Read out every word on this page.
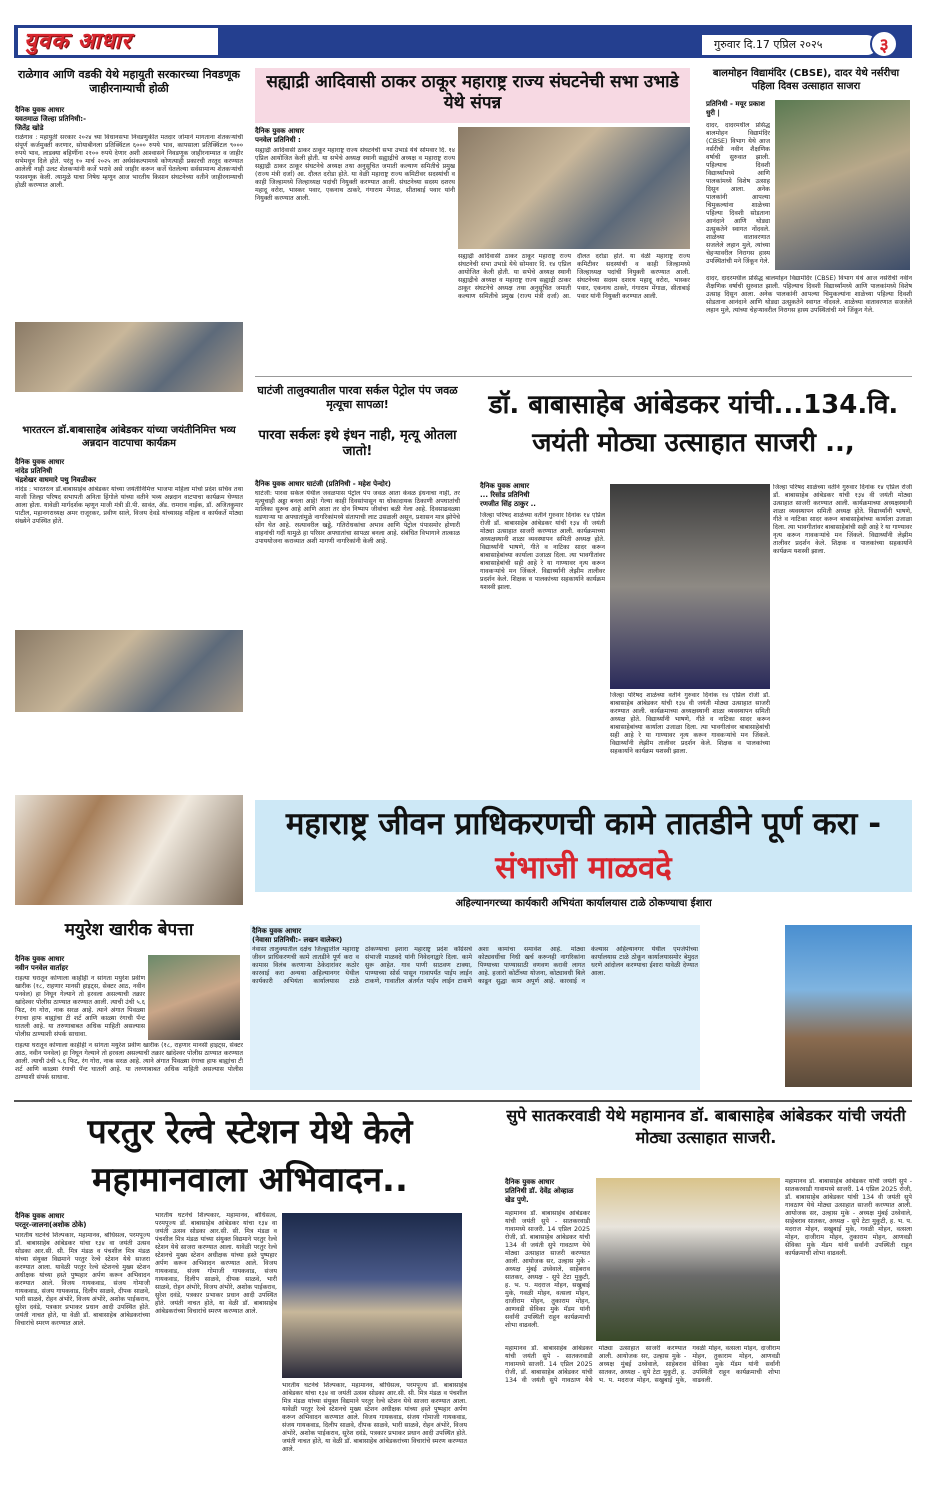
युवक आधार	गुरुवार दि.17 एप्रिल २०२५	३
राळेगाव आणि वडकी येथे महायुती सरकारच्या निवडणूक जाहीरनाम्याची होळी
दैनिक युवक आधार
यवतमाळ जिल्हा प्रतिनिधी:-
जितेंद्र खोडे
राळेगाव : महायुती सरकार २०२४ च्या विधानसभा निवडणुकीत मतदार जोमाने मागताना शेतकऱ्यांची संपूर्ण कर्जमुक्ती करणार, सोयाबीनला प्रतिक्विंटल ६००० रुपये भाव, कापसाला प्रतिक्विंटल ९००० रुपये भाव, लाडक्या बहिणींना २१०० रुपये देणार अशी आश्वासने निवडणूक जाहीरनाम्यात व जाहीर सभेमधून दिले होते. परंतु १० मार्च २०२५ ला अर्थसंकल्पामध्ये कोणत्याही प्रकारची तरतूद करण्यात आलेली नाही उलट शेतकऱ्यांनी कर्जे भरावे असे जाहीर करून कर्जे घेतलेल्या सर्वसामान्य शेतकऱ्यांची फसवणूक केली. त्यामुळे याचा निषेध म्हणून आज भारतीय किसान संघटनेच्या वतीने जाहीरनाम्याची होळी करण्यात आली.
सह्याद्री आदिवासी ठाकर ठाकूर महाराष्ट्र राज्य संघटनेची सभा उभाडे येथे संपन्न
दैनिक युवक आधार
पनवेल प्रतिनिधी :
सह्याद्री आदिवासी ठाकर ठाकूर महाराष्ट्र राज्य संघटनेची सभा उभाडे येथे सोमवार दि. १४ एप्रिल आयोजित केली होती. या सभेचे अध्यक्ष स्थानी सह्याद्रीचे अध्यक्ष व महाराष्ट्र राज्य सह्याद्री ठाकर ठाकूर संघटनेचे अध्यक्ष तथा अनुसूचित जमाती कल्याण समितीचे प्रमुख (राज्य मंत्री दर्जा) आ. दौलत दरोडा होते. या वेळी महाराष्ट्र राज्य कमिटीवर सदस्यांची व काही जिल्हामध्ये जिल्हाध्यक्ष पदांची नियुक्ती करण्यात आली. संघटनेच्या सदस्य दशरथ महादू वरोरा, भास्कर पवार, एकनाथ ठाकरे, गंगाराम मेंगाळ, सीताबाई पवार यांनी नियुक्ती करण्यात आली.
सह्याद्री आदिवासी ठाकर ठाकूर महाराष्ट्र राज्य संघटनेची सभा उभाडे येथे सोमवार दि. १४ एप्रिल आयोजित केली होती. या सभेचे अध्यक्ष स्थानी सह्याद्रीचे अध्यक्ष व महाराष्ट्र राज्य सह्याद्री ठाकर ठाकूर संघटनेचे अध्यक्ष तथा अनुसूचित जमाती कल्याण समितीचे प्रमुख (राज्य मंत्री दर्जा) आ. दौलत दरोडा होते. या वेळी महाराष्ट्र राज्य कमिटीवर सदस्यांची व काही जिल्हामध्ये जिल्हाध्यक्ष पदांची नियुक्ती करण्यात आली. संघटनेच्या सदस्य दशरथ महादू वरोरा, भास्कर पवार, एकनाथ ठाकरे, गंगाराम मेंगाळ, सीताबाई पवार यांनी नियुक्ती करण्यात आली.
बालमोहन विद्यामंदिर (CBSE), दादर येथे नर्सरीचा पहिला दिवस उत्साहात साजरा
प्रतिनिधी - मयूर प्रकाश धुरी |
दादर, दादरमधील प्रसिद्ध बालमोहन विद्यामंदिर (CBSE) विभाग येथे आज नर्सरीची नवीन शैक्षणिक वर्षाची सुरुवात झाली. पहिल्याच दिवशी विद्यार्थ्यांमध्ये आणि पालकांमध्ये विशेष उत्साह दिसून आला. अनेक पालकांनी आपल्या चिमुकल्यांना शाळेच्या पहिल्या दिवशी सोडताना आनंदाने आणि थोड्या उत्सुकतेने स्वागत नोंदवले. शाळेच्या वातावरणात सजलेले लहान मुले, त्यांच्या चेहऱ्यावरील निरागस हास्य उपस्थितांची मने जिंकून गेले.
दादर, दादरमधील प्रसिद्ध बालमोहन विद्यामंदिर (CBSE) विभाग येथे आज नर्सरीची नवीन शैक्षणिक वर्षाची सुरुवात झाली. पहिल्याच दिवशी विद्यार्थ्यांमध्ये आणि पालकांमध्ये विशेष उत्साह दिसून आला. अनेक पालकांनी आपल्या चिमुकल्यांना शाळेच्या पहिल्या दिवशी सोडताना आनंदाने आणि थोड्या उत्सुकतेने स्वागत नोंदवले. शाळेच्या वातावरणात सजलेले लहान मुले, त्यांच्या चेहऱ्यावरील निरागस हास्य उपस्थितांची मने जिंकून गेले.
भारतरत्न डॉ.बाबासाहेब आंबेडकर यांच्या जयंतीनिमित्त भव्य अन्नदान वाटपाचा कार्यक्रम
दैनिक युवक आधार
नांदेड प्रतिनिधी
चंद्रशेखर वाघमारे पथु निवळीकर
नांदेड : भारतरत्न डॉ.बाबासाहेब आंबेडकर यांच्या जयंतीनिमित्त भाजपा महिला मोर्चा प्रदेश सचिव तथा माजी जिल्हा परिषद सभापती अनिता हिंगोले यांच्या वतीने भव्य अन्नदान वाटपाचा कार्यक्रम घेण्यात आला होता. यावेळी मार्गदर्शक म्हणून माजी मंत्री डी.पी. सावंत, ॲड. रामराव नाईक, डॉ. अजितकुमार पाटील, महानगराध्यक्ष अमर राजूरकर, प्रवीण साले, विजय देवडे यांच्यासह महिला व कार्यकर्ते मोठ्या संख्येने उपस्थित होते.
घाटंजी तालुक्यातील पारवा सर्कल पेट्रोल पंप जवळ मृत्यूचा सापळा!
पारवा सर्कलः इथे इंधन नाही, मृत्यू ओतला जातो!
दैनिक युवक आधार घाटंजी (प्रतिनिधी - महेश पेन्दोर)
घाटंजी: पारवा सर्कल येथील जवळपास पेट्रोल पंप जवळ आता केवळ इंधनाचा नाही, तर मृत्यूचाही अड्डा बनला आहे! गेल्या काही दिवसांपासून या धोकादायक ठिकाणी अपघातांची मालिका सुरूच आहे आणि आता तर दोन निष्पाप जीवांचा बळी गेला आहे. दिवसाढवळ्या घडणाऱ्या या अपघातांमुळे नागरिकांमध्ये संतापाची लाट उसळली असून, प्रशासन मात्र झोपेचे सोंग घेत आहे. रस्त्यावरील खड्डे, गतिरोधकांचा अभाव आणि पेट्रोल पंपासमोर होणारी वाहनांची गर्दी यामुळे हा परिसर अपघातांचा सापळा बनला आहे. संबंधित विभागाने तात्काळ उपाययोजना कराव्यात अशी मागणी नागरिकांनी केली आहे.
डॉ. बाबासाहेब आंबेडकर यांची...134.वि. जयंती मोठ्या उत्साहात साजरी ..,
दैनिक युवक आधार
... रिसोड प्रतिनिधी
रणजीत सिंह ठाकुर ..
जिल्हा परिषद शाळेच्या वतीने गुरुवार दिनांक १४ एप्रिल रोजी डॉ. बाबासाहेब आंबेडकर यांची १३४ वी जयंती मोठ्या उत्साहात साजरी करण्यात आली. कार्यक्रमाच्या अध्यक्षस्थानी शाळा व्यवस्थापन समिती अध्यक्ष होते. विद्यार्थ्यांनी भाषणे, गीते व नाटिका सादर करून बाबासाहेबांच्या कार्याला उजाळा दिला. त्या भावगीतांवर बाबासाहेबांची सही आहे रे या गाण्यावर नृत्य करून गावकऱ्यांचे मन जिंकले. विद्यार्थ्यांनी लेझीम तालीवर प्रदर्शन केले. शिक्षक व पालकांच्या सहकार्याने कार्यक्रम यशस्वी झाला.
जिल्हा परिषद शाळेच्या वतीने गुरुवार दिनांक १४ एप्रिल रोजी डॉ. बाबासाहेब आंबेडकर यांची १३४ वी जयंती मोठ्या उत्साहात साजरी करण्यात आली. कार्यक्रमाच्या अध्यक्षस्थानी शाळा व्यवस्थापन समिती अध्यक्ष होते. विद्यार्थ्यांनी भाषणे, गीते व नाटिका सादर करून बाबासाहेबांच्या कार्याला उजाळा दिला. त्या भावगीतांवर बाबासाहेबांची सही आहे रे या गाण्यावर नृत्य करून गावकऱ्यांचे मन जिंकले. विद्यार्थ्यांनी लेझीम तालीवर प्रदर्शन केले. शिक्षक व पालकांच्या सहकार्याने कार्यक्रम यशस्वी झाला.
जिल्हा परिषद शाळेच्या वतीने गुरुवार दिनांक १४ एप्रिल रोजी डॉ. बाबासाहेब आंबेडकर यांची १३४ वी जयंती मोठ्या उत्साहात साजरी करण्यात आली. कार्यक्रमाच्या अध्यक्षस्थानी शाळा व्यवस्थापन समिती अध्यक्ष होते. विद्यार्थ्यांनी भाषणे, गीते व नाटिका सादर करून बाबासाहेबांच्या कार्याला उजाळा दिला. त्या भावगीतांवर बाबासाहेबांची सही आहे रे या गाण्यावर नृत्य करून गावकऱ्यांचे मन जिंकले. विद्यार्थ्यांनी लेझीम तालीवर प्रदर्शन केले. शिक्षक व पालकांच्या सहकार्याने कार्यक्रम यशस्वी झाला.
महाराष्ट्र जीवन प्राधिकरणची कामे तातडीने पूर्ण करा - संभाजी माळवदे
अहिल्यानगरच्या कार्यकारी अभियंता कार्यालयास टाळे ठोकण्याचा ईशारा
दैनिक युवक आधार
(नेवासा प्रतिनिधी:- लखन वालेकर)
नेवासा तालुक्यातील दक्षेच जिल्ह्यातील महाराष्ट्र जीवन प्राधिकरणची कामे तातडीने पूर्ण करा व कामास विलंब करणाऱ्या ठेकेदारांवर कठोर कारवाई करा अन्यथा अहिल्यानगर येथील कार्यकारी अभियंता कार्यालयास टाळे ठोकण्याचा इशारा महाराष्ट्र प्रदेश काँग्रेसचे संभाजी माळवदे यांनी निवेदनाद्वारे दिला. कामे सुरू आहेत. गाव पाणी साठवण टाक्या, पाण्याच्या सोर्स पासून गावापर्यंत पाईप लाईन टाकणे, गावातील अंतर्गत पाईप लाईन टाकणे अशा कामांचा समावेश आहे. मोठ्या कोट्यवधींचा निधी खर्च करूनही नागरिकांना पिण्याच्या पाण्यासाठी वणवण करावी लागत आहे. हजारो कोटींच्या योजना, कोट्यावधी बिले काढून सुद्धा काम अपूर्ण आहे. कारवाई न केल्यास अहिल्यानगर येथील एमजेपीच्या कार्यालयास टाळे ठोकून कार्यालयासमोर बेमुदत धरणे आंदोलन करण्याचा ईशारा यावेळी देण्यात आला.
मयुरेश खारीक बेपत्ता
दैनिक युवक आधार
नवीन पनवेल वार्ताहर
राहत्या घरातून कोणाला काहीही न सांगता मयुरेश प्रवीण खारीक (१८, राहणार मानसी हाइट्स, सेक्टर आठ, नवीन पनवेल) हा निघून गेल्याने तो हरवला असल्याची तक्रार खांदेश्वर पोलीस ठाण्यात करण्यात आली. त्याची उंची ५.६ फिट, रंग गोरा, नाक सरळ आहे. त्याने अंगात पिवळ्या रंगाचा हाफ बाह्यांचा टी शर्ट आणि काळ्या रंगाची पॅन्ट घातली आहे. या तरुणाबाबत अधिक माहिती असल्यास पोलीस ठाण्याशी संपर्क साधावा.
राहत्या घरातून कोणाला काहीही न सांगता मयुरेश प्रवीण खारीक (१८, राहणार मानसी हाइट्स, सेक्टर आठ, नवीन पनवेल) हा निघून गेल्याने तो हरवला असल्याची तक्रार खांदेश्वर पोलीस ठाण्यात करण्यात आली. त्याची उंची ५.६ फिट, रंग गोरा, नाक सरळ आहे. त्याने अंगात पिवळ्या रंगाचा हाफ बाह्यांचा टी शर्ट आणि काळ्या रंगाची पॅन्ट घातली आहे. या तरुणाबाबत अधिक माहिती असल्यास पोलीस ठाण्याशी संपर्क साधावा.
परतुर रेल्वे स्टेशन येथे केले महामानवाला अभिवादन..
दैनिक युवक आधार
परतूर-जालना(अशोक ठोके)
भारतीय घटनेचे शिल्पकार, महामानव, बोधिसत्व, परमपूज्य डॉ. बाबासाहेब आंबेडकर यांचा १३४ वा जयंती उत्सव सोडका आर.सी. सी. मित्र मंडळ व पंचशील मित्र मंडळ यांच्या संयुक्त विद्यमाने परतुर रेल्वे स्टेशन येथे साजरा करण्यात आला. यावेळी परतुर रेल्वे स्टेशनचे मुख्य स्टेशन अधीक्षक यांच्या हस्ते पुष्पहार अर्पण करून अभिवादन करण्यात आले. विजय गायकवाड, संजय गोमाजी गायकवाड, संजय गायकवाड, दिलीप साळवे, दीपक साळवे, भारी साळवे, रोहन अंभोरे, विजय अंभोरे, अशोक पाईकराव, सुरेश दवंडे, पत्रकार प्रभाकर प्रधान आदी उपस्थित होते. जयंती नाचत होते, या वेळी डॉ. बाबासाहेब आंबेडकरांच्या विचारांचे स्मरण करण्यात आले.
भारतीय घटनेचे शिल्पकार, महामानव, बोधिसत्व, परमपूज्य डॉ. बाबासाहेब आंबेडकर यांचा १३४ वा जयंती उत्सव सोडका आर.सी. सी. मित्र मंडळ व पंचशील मित्र मंडळ यांच्या संयुक्त विद्यमाने परतुर रेल्वे स्टेशन येथे साजरा करण्यात आला. यावेळी परतुर रेल्वे स्टेशनचे मुख्य स्टेशन अधीक्षक यांच्या हस्ते पुष्पहार अर्पण करून अभिवादन करण्यात आले. विजय गायकवाड, संजय गोमाजी गायकवाड, संजय गायकवाड, दिलीप साळवे, दीपक साळवे, भारी साळवे, रोहन अंभोरे, विजय अंभोरे, अशोक पाईकराव, सुरेश दवंडे, पत्रकार प्रभाकर प्रधान आदी उपस्थित होते. जयंती नाचत होते, या वेळी डॉ. बाबासाहेब आंबेडकरांच्या विचारांचे स्मरण करण्यात आले.
भारतीय घटनेचे शिल्पकार, महामानव, बोधिसत्व, परमपूज्य डॉ. बाबासाहेब आंबेडकर यांचा १३४ वा जयंती उत्सव सोडका आर.सी. सी. मित्र मंडळ व पंचशील मित्र मंडळ यांच्या संयुक्त विद्यमाने परतुर रेल्वे स्टेशन येथे साजरा करण्यात आला. यावेळी परतुर रेल्वे स्टेशनचे मुख्य स्टेशन अधीक्षक यांच्या हस्ते पुष्पहार अर्पण करून अभिवादन करण्यात आले. विजय गायकवाड, संजय गोमाजी गायकवाड, संजय गायकवाड, दिलीप साळवे, दीपक साळवे, भारी साळवे, रोहन अंभोरे, विजय अंभोरे, अशोक पाईकराव, सुरेश दवंडे, पत्रकार प्रभाकर प्रधान आदी उपस्थित होते. जयंती नाचत होते, या वेळी डॉ. बाबासाहेब आंबेडकरांच्या विचारांचे स्मरण करण्यात आले.
सुपे सातकरवाडी येथे महामानव डॉ. बाबासाहेब आंबेडकर यांची जयंती मोठ्या उत्साहात साजरी.
दैनिक युवक आधार
प्रतिनिधी डॉ. देवेंद्र ओव्हाळ
खेड पुणे.
महामानव डॉ. बाबासाहेब आंबेडकर यांची जयंती सुपे - सातकरवाडी गावामध्ये साजरी. 14 एप्रिल 2025 रोजी, डॉ. बाबासाहेब आंबेडकर यांची 134 वी जयंती सुपे गावठाण येथे मोठ्या उत्साहात साजरी करण्यात आली. आयोजक सर, उल्हास मुके - अध्यक्ष मुंबई उध्वेवाले, साहेबराव सातकर, अध्यक्ष - सुपे टेटा मुकुटी, ह. भ. प. मदराज मोहन, सखुबाई मुके, गवळी मोहन, वत्सला मोहन, दाजीराम मोहन, तुकाराम मोहन, आणवडी सेविका मुके मॅडम यांनी सर्वांनी उपस्थिती राहून कार्यक्रमाची शोभा वाढवली.
महामानव डॉ. बाबासाहेब आंबेडकर यांची जयंती सुपे - सातकरवाडी गावामध्ये साजरी. 14 एप्रिल 2025 रोजी, डॉ. बाबासाहेब आंबेडकर यांची 134 वी जयंती सुपे गावठाण येथे मोठ्या उत्साहात साजरी करण्यात आली. आयोजक सर, उल्हास मुके - अध्यक्ष मुंबई उध्वेवाले, साहेबराव सातकर, अध्यक्ष - सुपे टेटा मुकुटी, ह. भ. प. मदराज मोहन, सखुबाई मुके, गवळी मोहन, वत्सला मोहन, दाजीराम मोहन, तुकाराम मोहन, आणवडी सेविका मुके मॅडम यांनी सर्वांनी उपस्थिती राहून कार्यक्रमाची शोभा वाढवली.
महामानव डॉ. बाबासाहेब आंबेडकर यांची जयंती सुपे - सातकरवाडी गावामध्ये साजरी. 14 एप्रिल 2025 रोजी, डॉ. बाबासाहेब आंबेडकर यांची 134 वी जयंती सुपे गावठाण येथे मोठ्या उत्साहात साजरी करण्यात आली. आयोजक सर, उल्हास मुके - अध्यक्ष मुंबई उध्वेवाले, साहेबराव सातकर, अध्यक्ष - सुपे टेटा मुकुटी, ह. भ. प. मदराज मोहन, सखुबाई मुके, गवळी मोहन, वत्सला मोहन, दाजीराम मोहन, तुकाराम मोहन, आणवडी सेविका मुके मॅडम यांनी सर्वांनी उपस्थिती राहून कार्यक्रमाची शोभा वाढवली.
